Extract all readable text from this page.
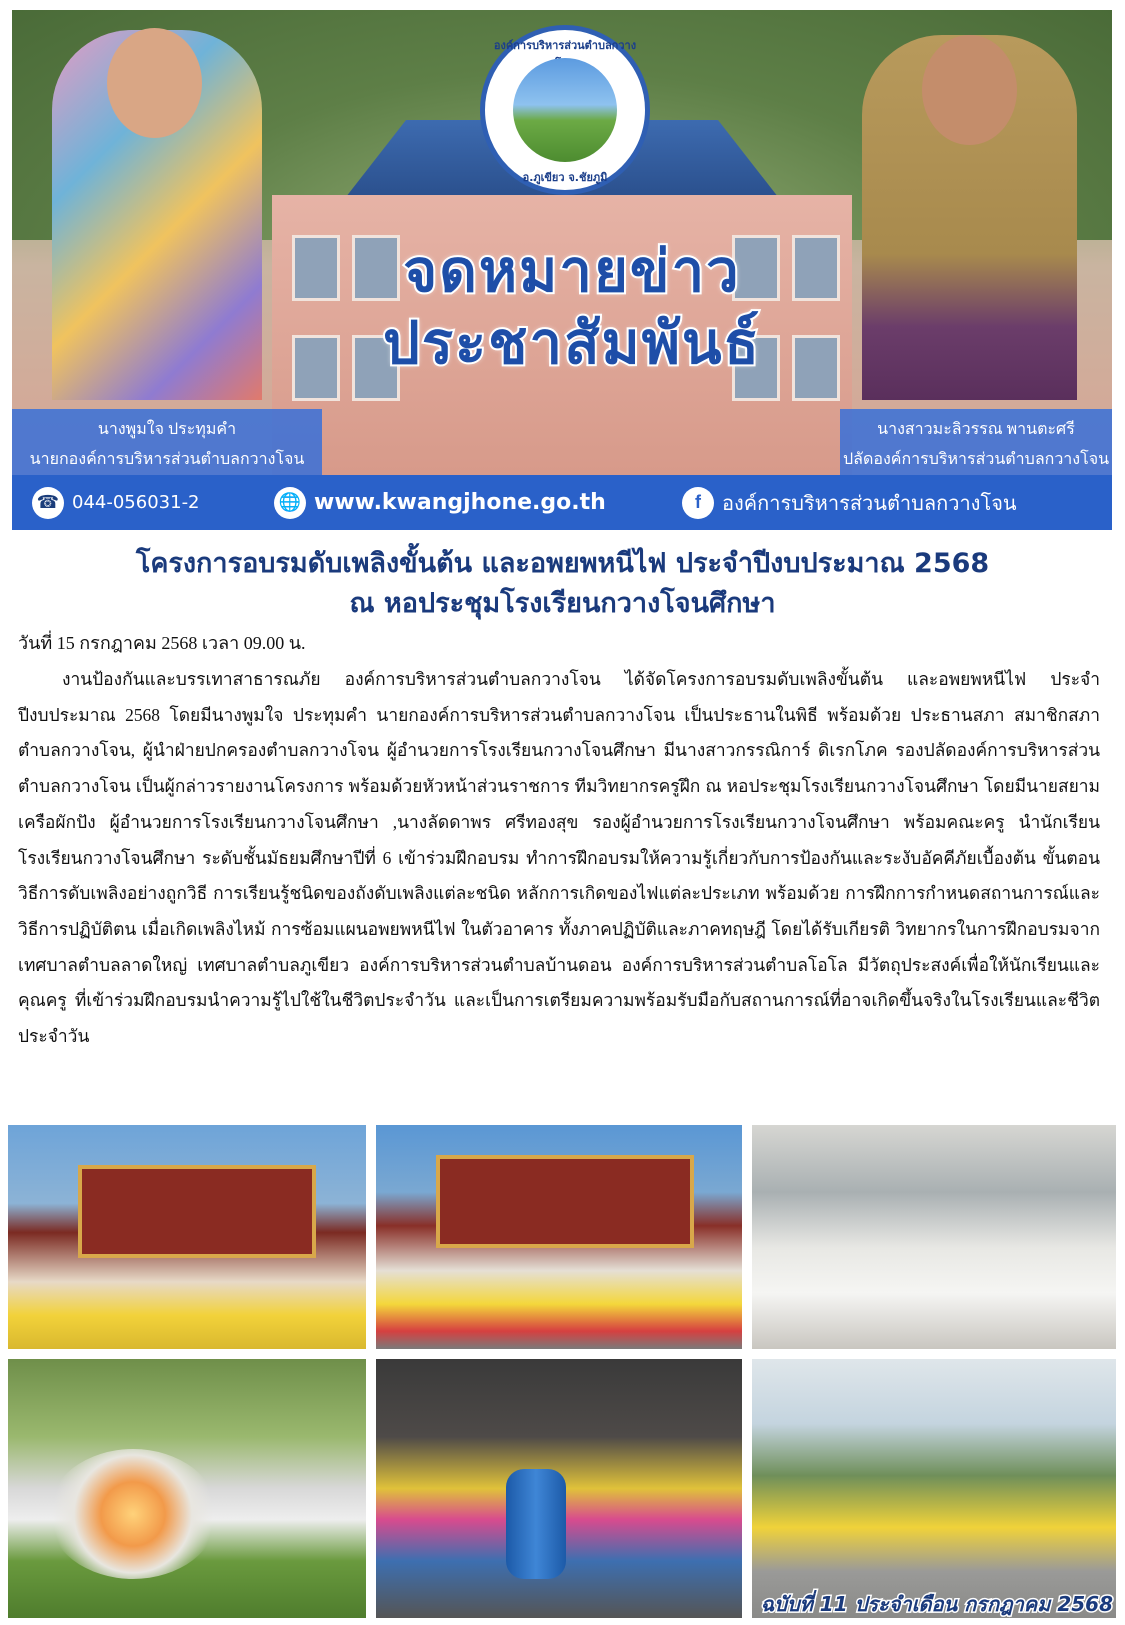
องค์การบริหารส่วนตำบลกวาง
อ.ภูเขียว จ.ชัยภูมิ
จดหมายข่าว
ประชาสัมพันธ์
นางพูมใจ ประทุมคำ
นายกองค์การบริหารส่วนตำบลกวางโจน
นางสาวมะลิวรรณ พานตะศรี
ปลัดองค์การบริหารส่วนตำบลกวางโจน
☎ 044-056031-2	🌐 www.kwangjhone.go.th	f	องค์การบริหารส่วนตำบลกวางโจน
โครงการอบรมดับเพลิงขั้นต้น และอพยพหนีไฟ ประจำปีงบประมาณ 2568
ณ หอประชุมโรงเรียนกวางโจนศึกษา
วันที่ 15 กรกฎาคม 2568 เวลา 09.00 น.
งานป้องกันและบรรเทาสาธารณภัย องค์การบริหารส่วนตำบลกวางโจน ได้จัดโครงการอบรมดับเพลิงขั้นต้น และอพยพหนีไฟ ประจำปีงบประมาณ 2568 โดยมีนางพูมใจ ประทุมคำ นายกองค์การบริหารส่วนตำบลกวางโจน เป็นประธานในพิธี พร้อมด้วย ประธานสภา สมาชิกสภาตำบลกวางโจน, ผู้นำฝ่ายปกครองตำบลกวางโจน ผู้อำนวยการโรงเรียนกวางโจนศึกษา มีนางสาวกรรณิการ์ ดิเรกโภค รองปลัดองค์การบริหารส่วนตำบลกวางโจน เป็นผู้กล่าวรายงานโครงการ พร้อมด้วยหัวหน้าส่วนราชการ ทีมวิทยากรครูฝึก ณ หอประชุมโรงเรียนกวางโจนศึกษา โดยมีนายสยาม เครือผักปัง ผู้อำนวยการโรงเรียนกวางโจนศึกษา ,นางลัดดาพร ศรีทองสุข รองผู้อำนวยการโรงเรียนกวางโจนศึกษา พร้อมคณะครู นำนักเรียนโรงเรียนกวางโจนศึกษา ระดับชั้นมัธยมศึกษาปีที่ 6 เข้าร่วมฝึกอบรม ทำการฝึกอบรมให้ความรู้เกี่ยวกับการป้องกันและระงับอัคคีภัยเบื้องต้น ขั้นตอนวิธีการดับเพลิงอย่างถูกวิธี การเรียนรู้ชนิดของถังดับเพลิงแต่ละชนิด หลักการเกิดของไฟแต่ละประเภท พร้อมด้วย การฝึกการกำหนดสถานการณ์และวิธีการปฏิบัติตน เมื่อเกิดเพลิงไหม้ การซ้อมแผนอพยพหนีไฟ ในตัวอาคาร ทั้งภาคปฏิบัติและภาคทฤษฎี โดยได้รับเกียรติ วิทยากรในการฝึกอบรมจากเทศบาลตำบลลาดใหญ่ เทศบาลตำบลภูเขียว องค์การบริหารส่วนตำบลบ้านดอน องค์การบริหารส่วนตำบลโอโล มีวัตถุประสงค์เพื่อให้นักเรียนและคุณครู ที่เข้าร่วมฝึกอบรมนำความรู้ไปใช้ในชีวิตประจำวัน และเป็นการเตรียมความพร้อมรับมือกับสถานการณ์ที่อาจเกิดขึ้นจริงในโรงเรียนและชีวิตประจำวัน
ฉบับที่ 11 ประจำเดือน กรกฎาคม 2568
